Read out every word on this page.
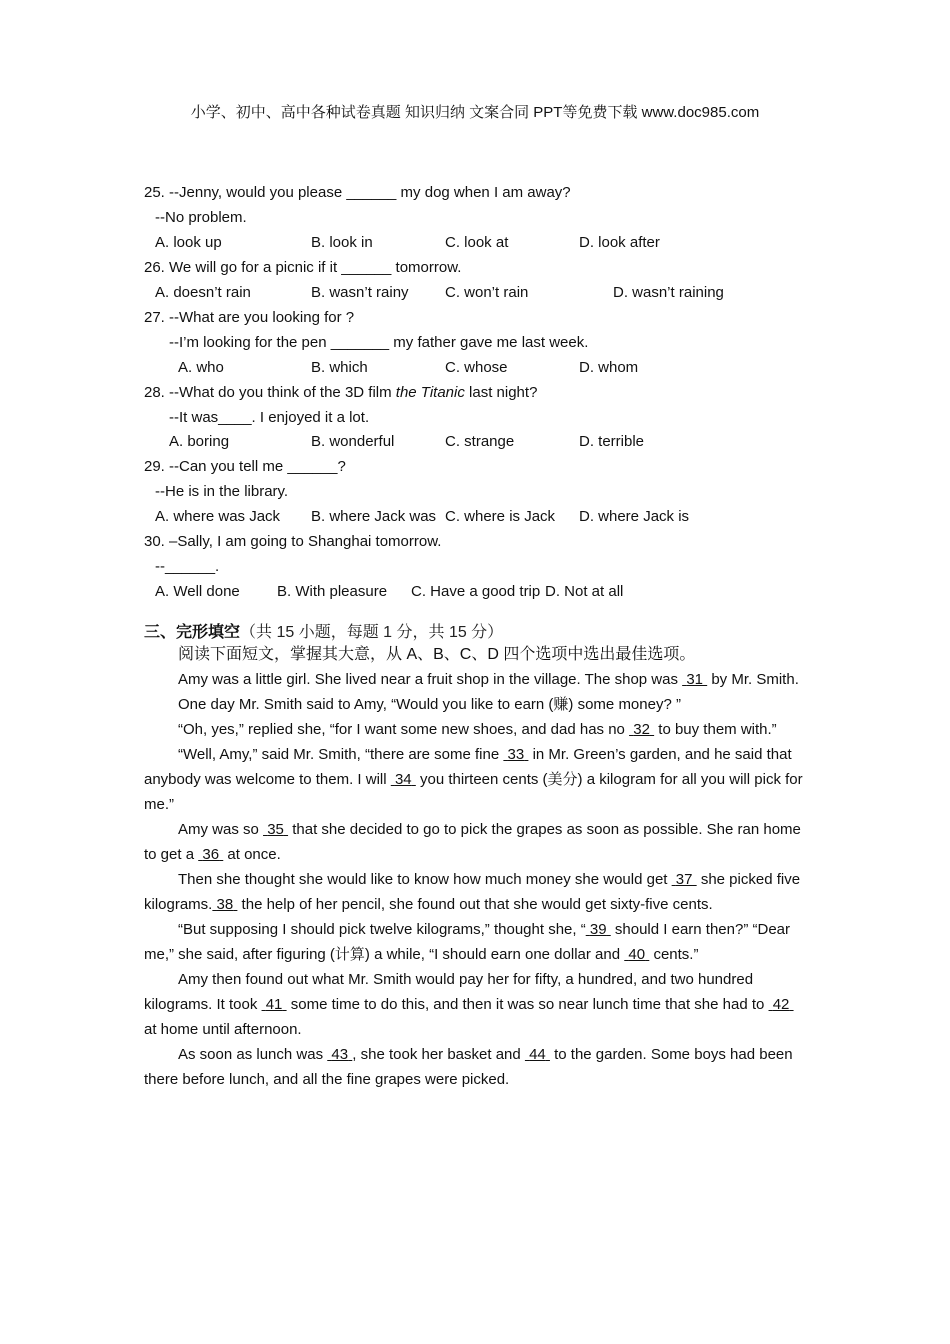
小学、初中、高中各种试卷真题 知识归纳 文案合同 PPT等免费下载 www.doc985.com
25. --Jenny, would you please ______ my dog when I am away?
--No problem.
A. look up	B. look in	C. look at	D. look after
26. We will go for a picnic if it ______ tomorrow.
A. doesn’t rain	B. wasn’t rainy C. won’t rain	D. wasn’t raining
27. --What are you looking for ?
--I’m looking for the pen _______ my father gave me last week.
A. who	B. which	C. whose	D. whom
28. --What do you think of the 3D film the Titanic last night?
--It was____. I enjoyed it a lot.
A. boring	B. wonderful	C. strange	D. terrible
29. --Can you tell me ______?
--He is in the library.
A. where was Jack B. where Jack was C. where is Jack D. where Jack is
30. –Sally, I am going to Shanghai tomorrow.
--______.
A. Well done B. With pleasure C. Have a good trip D. Not at all
三、完形填空（共 15 小题，每题 1 分，共 15 分）
阅读下面短文，掌握其大意，从 A、B、C、D 四个选项中选出最佳选项。
Amy was a little girl. She lived near a fruit shop in the village. The shop was  31  by Mr. Smith.
One day Mr. Smith said to Amy, “Would you like to earn (赚) some money? ”
“Oh, yes,” replied she, “for I want some new shoes, and dad has no  32  to buy them with.”
“Well, Amy,” said Mr. Smith, “there are some fine  33  in Mr. Green’s garden, and he said that anybody was welcome to them. I will  34  you thirteen cents (美分) a kilogram for all you will pick for me.”
Amy was so  35  that she decided to go to pick the grapes as soon as possible. She ran home to get a  36  at once.
Then she thought she would like to know how much money she would get  37  she picked five kilograms. 38  the help of her pencil, she found out that she would get sixty-five cents.
“But supposing I should pick twelve kilograms,” thought she, “ 39  should I earn then?” “Dear me,” she said, after figuring (计算) a while, “I should earn one dollar and  40  cents.”
Amy then found out what Mr. Smith would pay her for fifty, a hundred, and two hundred kilograms. It took  41  some time to do this, and then it was so near lunch time that she had to  42  at home until afternoon.
As soon as lunch was  43 , she took her basket and  44  to the garden. Some boys had been there before lunch, and all the fine grapes were picked.
